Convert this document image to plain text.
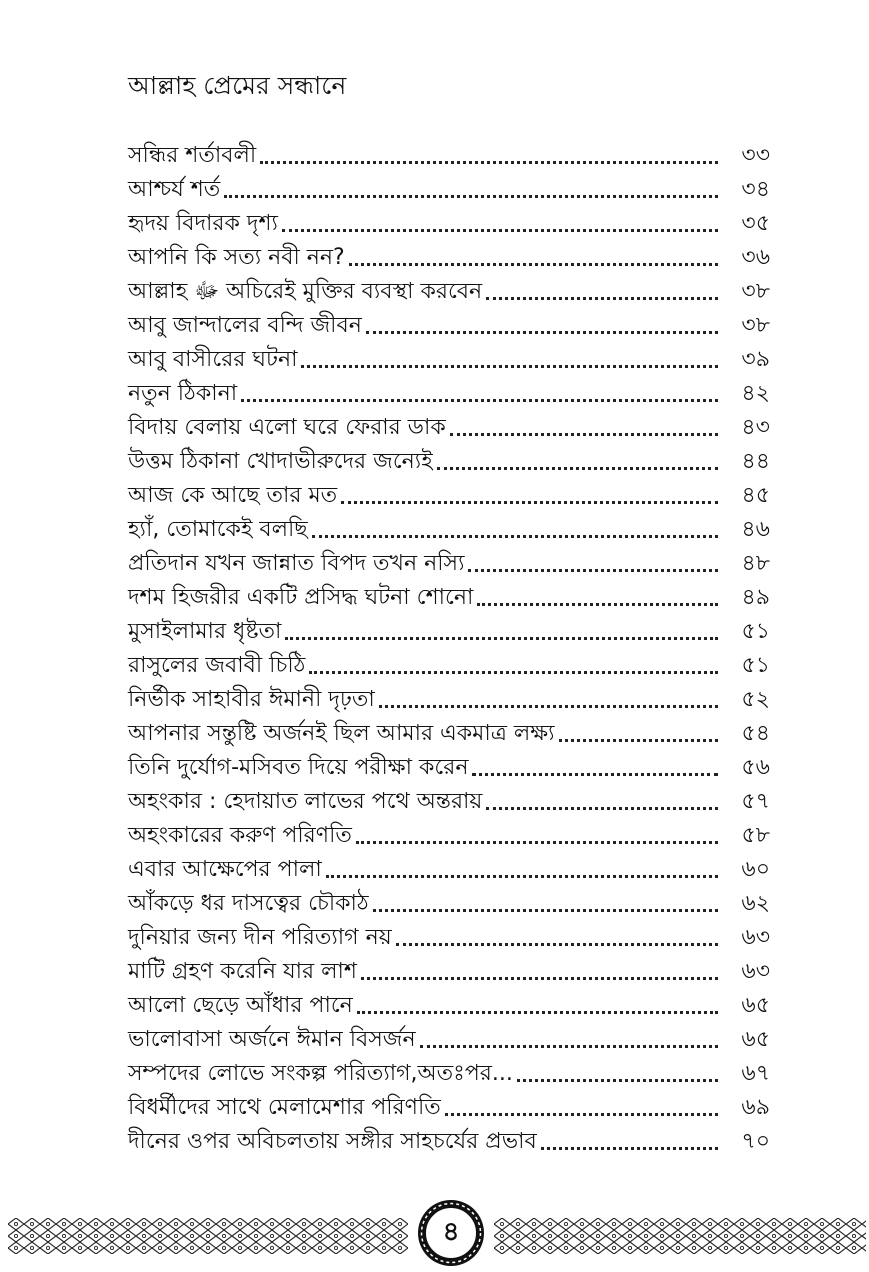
আল্লাহ প্রেমের সন্ধানে
সন্ধির শর্তাবলী	৩৩
আশ্চর্য শর্ত	৩৪
হৃদয় বিদারক দৃশ্য	৩৫
আপনি কি সত্য নবী নন?	৩৬
আল্লাহ ﷻ অচিরেই মুক্তির ব্যবস্থা করবেন	৩৮
আবু জান্দালের বন্দি জীবন	৩৮
আবু বাসীরের ঘটনা	৩৯
নতুন ঠিকানা	৪২
বিদায় বেলায় এলো ঘরে ফেরার ডাক	৪৩
উত্তম ঠিকানা খোদাভীরুদের জন্যেই	৪৪
আজ কে আছে তার মত	৪৫
হ্যাঁ, তোমাকেই বলছি	৪৬
প্রতিদান যখন জান্নাত বিপদ তখন নস্যি	৪৮
দশম হিজরীর একটি প্রসিদ্ধ ঘটনা শোনো	৪৯
মুসাইলামার ধৃষ্টতা	৫১
রাসুলের জবাবী চিঠি	৫১
নির্ভীক সাহাবীর ঈমানী দৃঢ়তা	৫২
আপনার সন্তুষ্টি অর্জনই ছিল আমার একমাত্র লক্ষ্য	৫৪
তিনি দুর্যোগ-মসিবত দিয়ে পরীক্ষা করেন	৫৬
অহংকার : হেদায়াত লাভের পথে অন্তরায়	৫৭
অহংকারের করুণ পরিণতি	৫৮
এবার আক্ষেপের পালা	৬০
আঁকড়ে ধর দাসত্বের চৌকাঠ	৬২
দুনিয়ার জন্য দীন পরিত্যাগ নয়	৬৩
মাটি গ্রহণ করেনি যার লাশ	৬৩
আলো ছেড়ে আঁধার পানে	৬৫
ভালোবাসা অর্জনে ঈমান বিসর্জন	৬৫
সম্পদের লোভে সংকল্প পরিত্যাগ,অতঃপর...	৬৭
বিধর্মীদের সাথে মেলামেশার পরিণতি	৬৯
দীনের ওপর অবিচলতায় সঙ্গীর সাহচর্যের প্রভাব	৭০
৪
